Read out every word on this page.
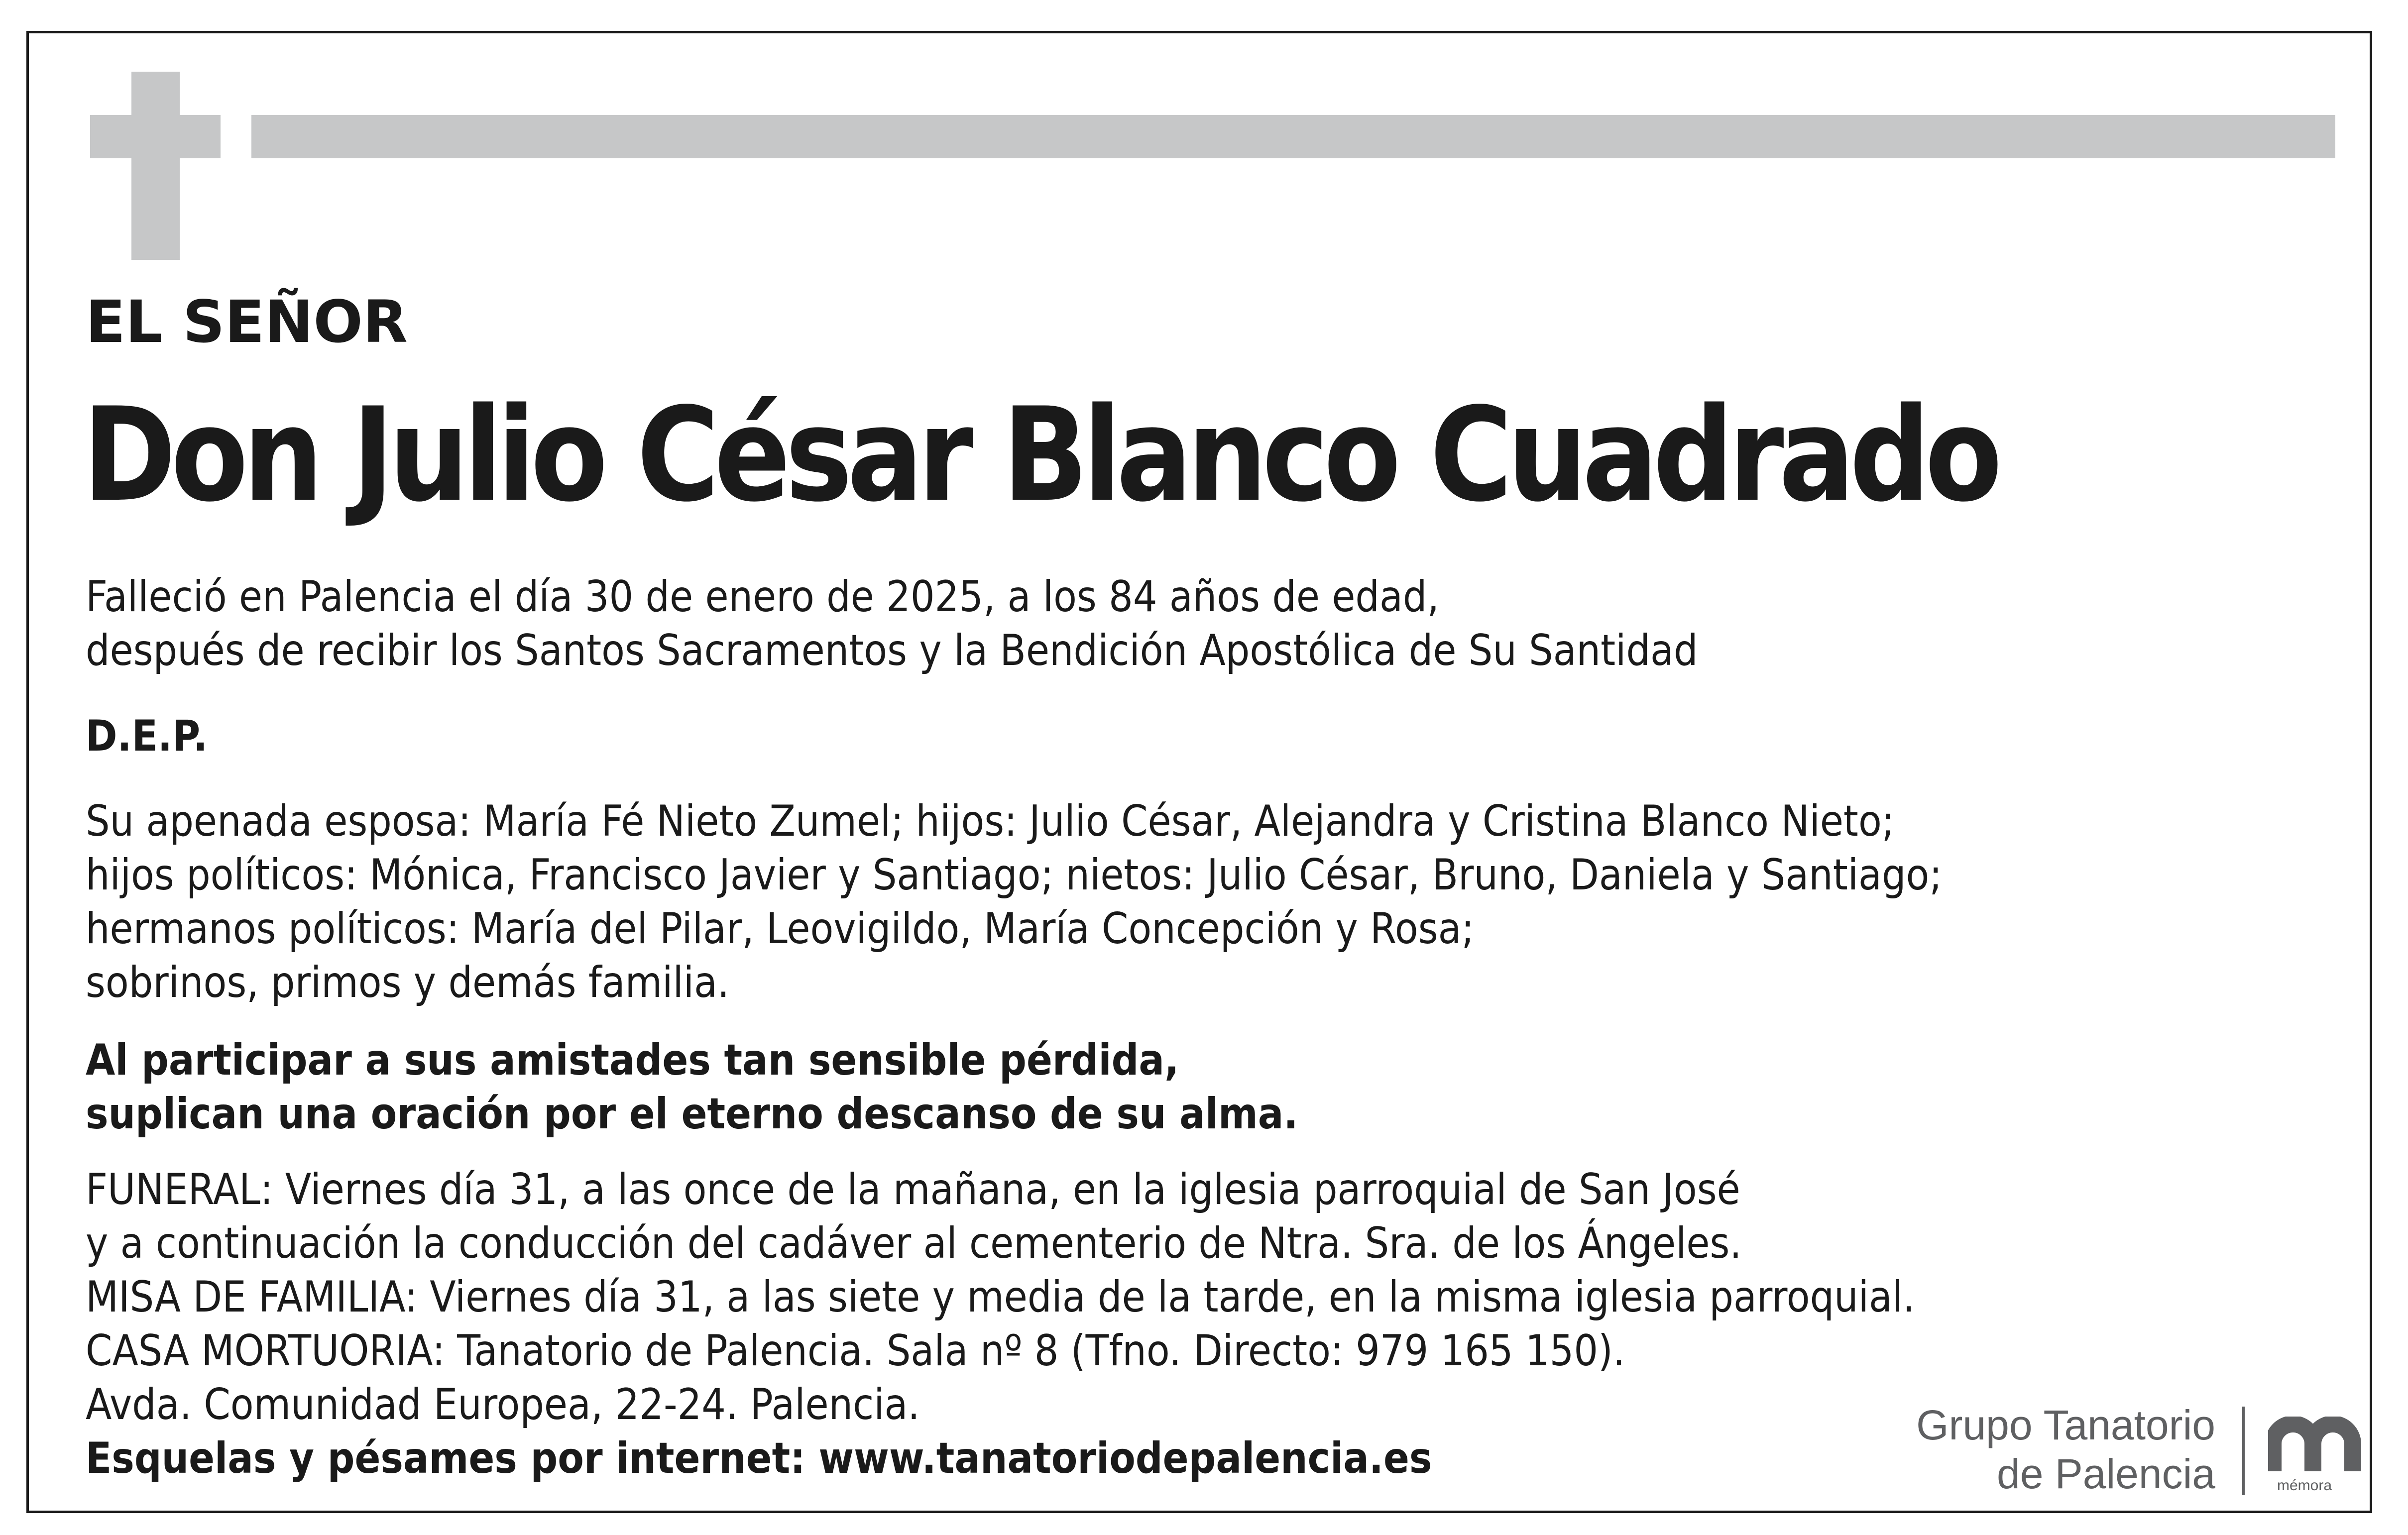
EL SEÑOR
Don Julio César Blanco Cuadrado
Falleció en Palencia el día 30 de enero de 2025, a los 84 años de edad,
después de recibir los Santos Sacramentos y la Bendición Apostólica de Su Santidad
D.E.P.
Su apenada esposa: María Fé Nieto Zumel; hijos: Julio César, Alejandra y Cristina Blanco Nieto;
hijos políticos: Mónica, Francisco Javier y Santiago; nietos: Julio César, Bruno, Daniela y Santiago;
hermanos políticos: María del Pilar, Leovigildo, María Concepción y Rosa;
sobrinos, primos y demás familia.
Al participar a sus amistades tan sensible pérdida,
suplican una oración por el eterno descanso de su alma.
FUNERAL: Viernes día 31, a las once de la mañana, en la iglesia parroquial de San José
y a continuación la conducción del cadáver al cementerio de Ntra. Sra. de los Ángeles.
MISA DE FAMILIA: Viernes día 31, a las siete y media de la tarde, en la misma iglesia parroquial.
CASA MORTUORIA: Tanatorio de Palencia. Sala nº 8 (Tfno. Directo: 979 165 150).
Avda. Comunidad Europea, 22-24. Palencia.
Esquelas y pésames por internet: www.tanatoriodepalencia.es
Grupo Tanatorio
de Palencia	mémora
